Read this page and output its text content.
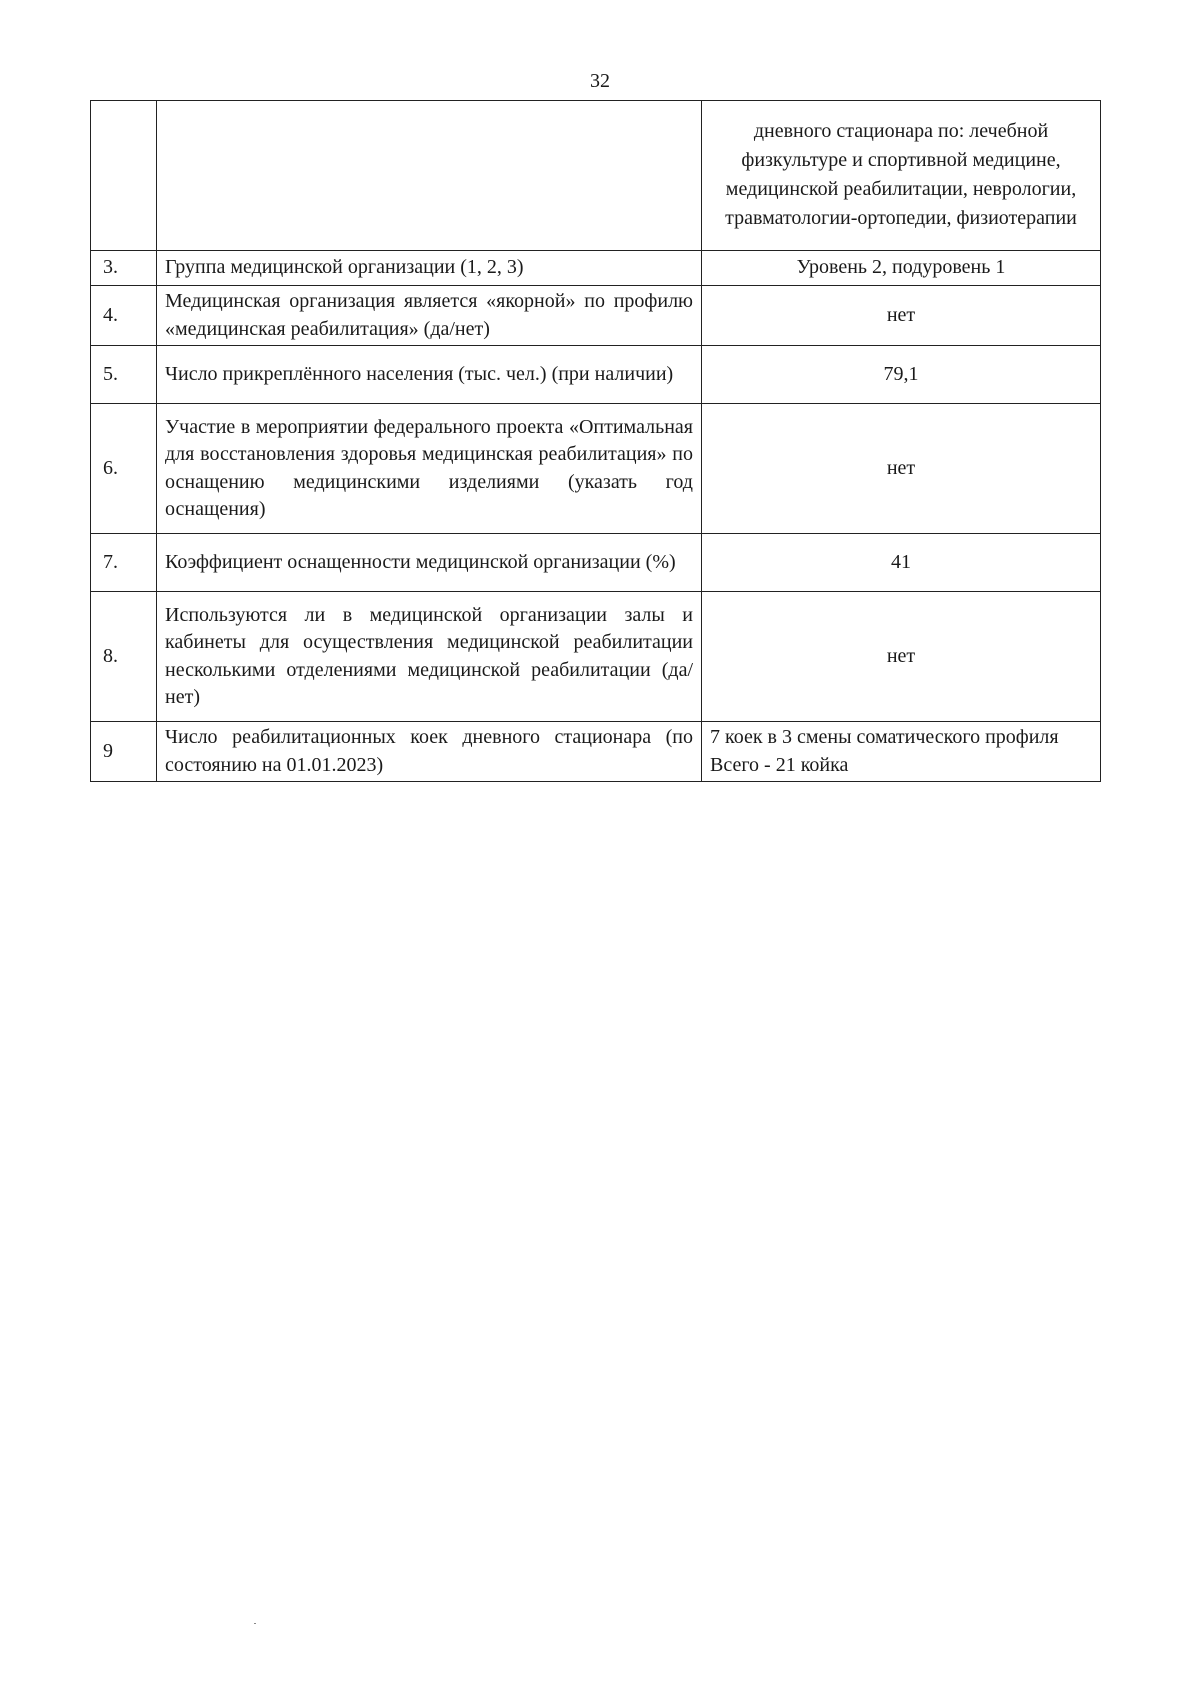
32
		дневного стационара по: лечебной физкультуре и спортивной медицине, медицинской реабилитации, неврологии, травматологии-ортопедии, физиотерапии
3.	Группа медицинской организации (1, 2, 3)	Уровень 2, подуровень 1
4.	Медицинская организация является «якорной» по профилю «медицинская реабилитация» (да/нет)	нет
5.	Число прикреплённого населения (тыс. чел.) (при наличии)	79,1
6.	Участие в мероприятии федерального проекта «Оптимальная для восстановления здоровья медицинская реабилитация» по оснащению медицинскими изделиями (указать год оснащения)	нет
7.	Коэффициент оснащенности медицинской организации (%)	41
8.	Используются ли в медицинской организации залы и кабинеты для осуществления медицинской реабилитации несколькими отделениями медицинской реабилитации (да/нет)	нет
9	Число реабилитационных коек дневного стационара (по состоянию на 01.01.2023)	7 коек в 3 смены соматического профиля Всего - 21 койка
